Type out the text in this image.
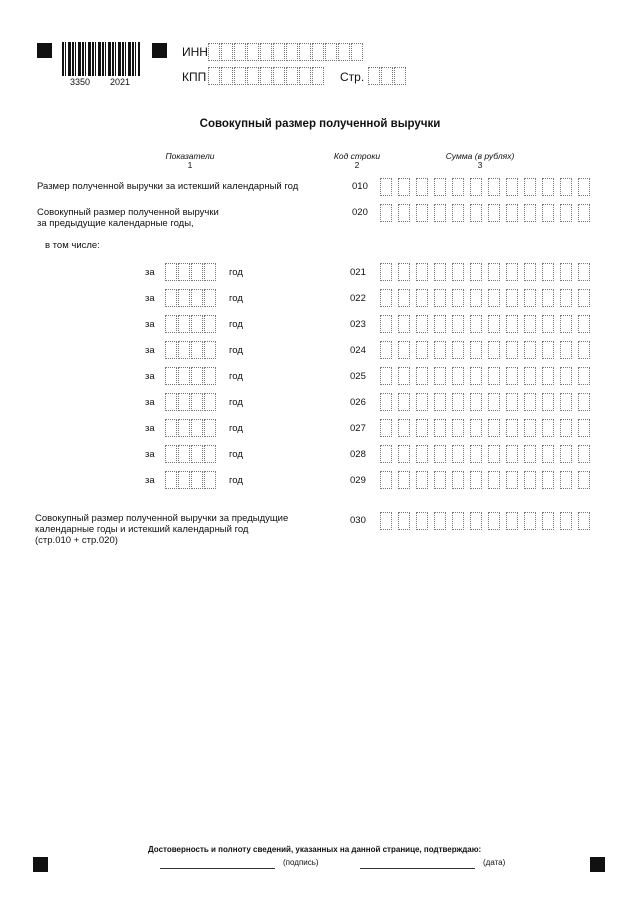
3350 2021
ИНН
КПП	Стр.
Совокупный размер полученной выручки
Показатели
1
Код строки
2
Сумма (в рублях)
3
Размер полученной выручки за истекший календарный год	010
Совокупный размер полученной выручки
за предыдущие календарные годы,
020
в том числе:
за	год	021
за	год	022
за	год	023
за	год	024
за	год	025
за	год	026
за	год	027
за	год	028
за	год	029
Совокупный размер полученной выручки за предыдущие
календарные годы и истекший календарный год
(стр.010 + стр.020)
030
Достоверность и полноту сведений, указанных на данной странице, подтверждаю:
(подпись)	(дата)
